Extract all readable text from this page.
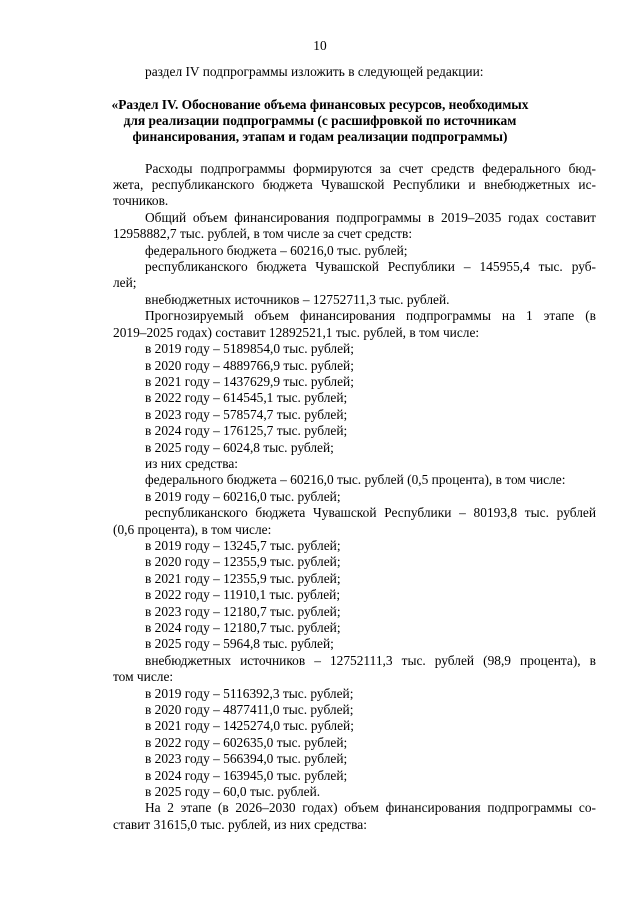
10
раздел IV подпрограммы изложить в следующей редакции:
«Раздел IV. Обоснование объема финансовых ресурсов, необходимых
для реализации подпрограммы (с расшифровкой по источникам
финансирования, этапам и годам реализации подпрограммы)
Расходы подпрограммы формируются за счет средств федерального бюд-
жета, республиканского бюджета Чувашской Республики и внебюджетных ис-
точников.
Общий объем финансирования подпрограммы в 2019–2035 годах составит
12958882,7 тыс. рублей, в том числе за счет средств:
федерального бюджета – 60216,0 тыс. рублей;
республиканского бюджета Чувашской Республики – 145955,4 тыс. руб-
лей;
внебюджетных источников – 12752711,3 тыс. рублей.
Прогнозируемый объем финансирования подпрограммы на 1 этапе (в
2019–2025 годах) составит 12892521,1 тыс. рублей, в том числе:
в 2019 году – 5189854,0 тыс. рублей;
в 2020 году – 4889766,9 тыс. рублей;
в 2021 году – 1437629,9 тыс. рублей;
в 2022 году – 614545,1 тыс. рублей;
в 2023 году – 578574,7 тыс. рублей;
в 2024 году – 176125,7 тыс. рублей;
в 2025 году – 6024,8 тыс. рублей;
из них средства:
федерального бюджета – 60216,0 тыс. рублей (0,5 процента), в том числе:
в 2019 году – 60216,0 тыс. рублей;
республиканского бюджета Чувашской Республики – 80193,8 тыс. рублей
(0,6 процента), в том числе:
в 2019 году – 13245,7 тыс. рублей;
в 2020 году – 12355,9 тыс. рублей;
в 2021 году – 12355,9 тыс. рублей;
в 2022 году – 11910,1 тыс. рублей;
в 2023 году – 12180,7 тыс. рублей;
в 2024 году – 12180,7 тыс. рублей;
в 2025 году – 5964,8 тыс. рублей;
внебюджетных источников – 12752111,3 тыс. рублей (98,9 процента), в
том числе:
в 2019 году – 5116392,3 тыс. рублей;
в 2020 году – 4877411,0 тыс. рублей;
в 2021 году – 1425274,0 тыс. рублей;
в 2022 году – 602635,0 тыс. рублей;
в 2023 году – 566394,0 тыс. рублей;
в 2024 году – 163945,0 тыс. рублей;
в 2025 году – 60,0 тыс. рублей.
На 2 этапе (в 2026–2030 годах) объем финансирования подпрограммы со-
ставит 31615,0 тыс. рублей, из них средства:
